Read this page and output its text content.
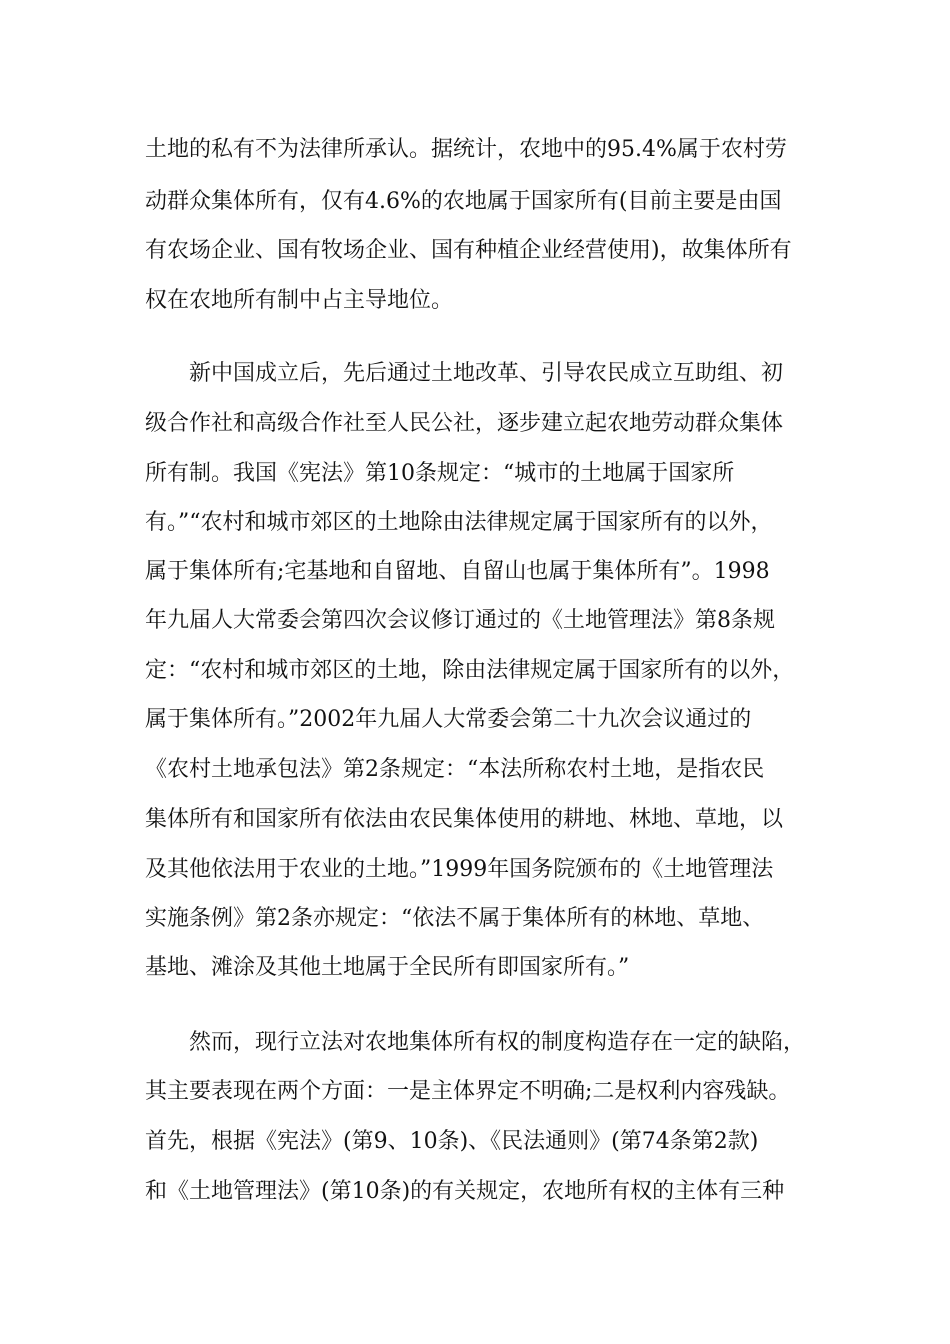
土地的私有不为法律所承认。据统计，农地中的95.4%属于农村劳

动群众集体所有，仅有4.6%的农地属于国家所有(目前主要是由国

有农场企业、国有牧场企业、国有种植企业经营使用)，故集体所有

权在农地所有制中占主导地位。

新中国成立后，先后通过土地改革、引导农民成立互助组、初

级合作社和高级合作社至人民公社，逐步建立起农地劳动群众集体

所有制。我国《宪法》第10条规定：“城市的土地属于国家所

有。”“农村和城市郊区的土地除由法律规定属于国家所有的以外，

属于集体所有;宅基地和自留地、自留山也属于集体所有”。1998

年九届人大常委会第四次会议修订通过的《土地管理法》第8条规

定：“农村和城市郊区的土地，除由法律规定属于国家所有的以外，

属于集体所有。”2002年九届人大常委会第二十九次会议通过的

《农村土地承包法》第2条规定：“本法所称农村土地，是指农民

集体所有和国家所有依法由农民集体使用的耕地、林地、草地，以

及其他依法用于农业的土地。”1999年国务院颁布的《土地管理法

实施条例》第2条亦规定：“依法不属于集体所有的林地、草地、

基地、滩涂及其他土地属于全民所有即国家所有。”

然而，现行立法对农地集体所有权的制度构造存在一定的缺陷，

其主要表现在两个方面：一是主体界定不明确;二是权利内容残缺。

首先，根据《宪法》(第9、10条)、《民法通则》(第74条第2款)

和《土地管理法》(第10条)的有关规定，农地所有权的主体有三种
